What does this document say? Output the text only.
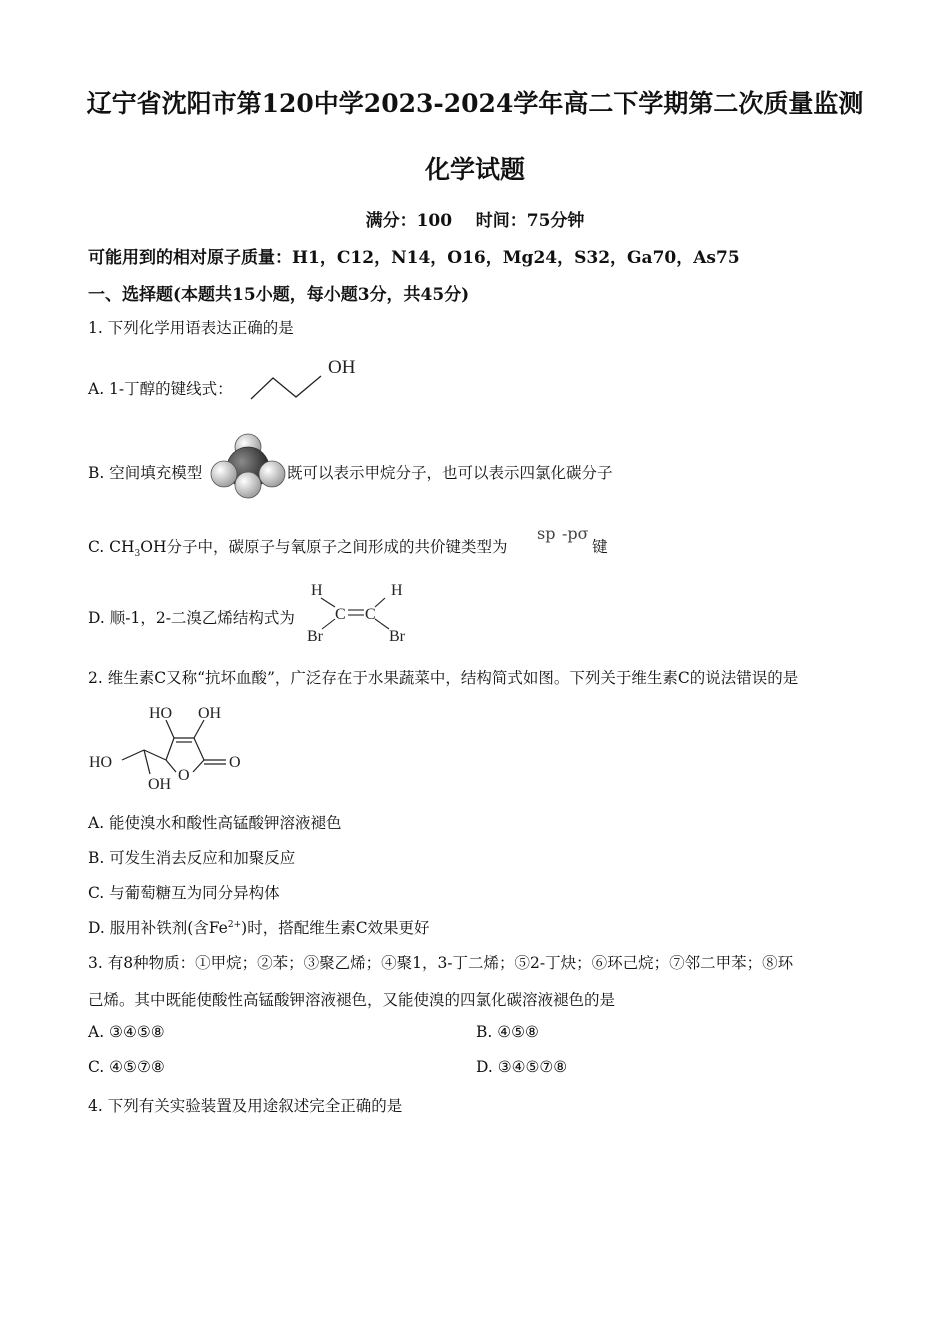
辽宁省沈阳市第120中学2023-2024学年高二下学期第二次质量监测
化学试题
满分：100    时间：75分钟
可能用到的相对原子质量：H1，C12，N14，O16，Mg24，S32，Ga70，As75
一、选择题(本题共15小题，每小题3分，共45分)
1. 下列化学用语表达正确的是
A. 1-丁醇的键线式：
OH
B. 空间填充模型	既可以表示甲烷分子，也可以表示四氯化碳分子
C. $CH_3OH$分子中，碳原子与氧原子之间形成的共价键类型为
sp -pσ
键
D. 顺-1，2-二溴乙烯结构式为
H	H
C C
Br	Br
2. 维生素C又称“抗坏血酸”，广泛存在于水果蔬菜中，结构简式如图。下列关于维生素C的说法错误的是
HO OH
HO
OH
O
O
A. 能使溴水和酸性高锰酸钾溶液褪色
B. 可发生消去反应和加聚反应
C. 与葡萄糖互为同分异构体
D. 服用补铁剂(含$Fe^{2+}$)时，搭配维生素C效果更好
3. 有8种物质：①甲烷；②苯；③聚乙烯；④聚1，3-丁二烯；⑤2-丁炔；⑥环己烷；⑦邻二甲苯；⑧环
己烯。其中既能使酸性高锰酸钾溶液褪色，又能使溴的四氯化碳溶液褪色的是
A. ③④⑤⑧	B. ④⑤⑧
C. ④⑤⑦⑧	D. ③④⑤⑦⑧
4. 下列有关实验装置及用途叙述完全正确的是
